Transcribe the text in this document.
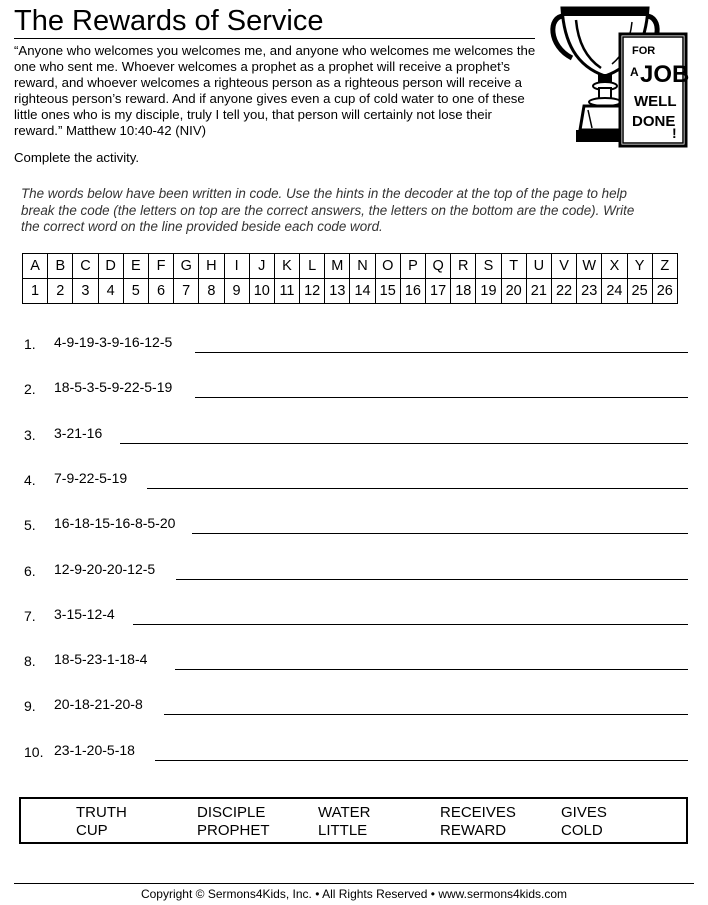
The Rewards of Service
“Anyone who welcomes you welcomes me, and anyone who welcomes me welcomes the one who sent me. Whoever welcomes a prophet as a prophet will receive a prophet’s reward, and whoever welcomes a righteous person as a righteous person will receive a righteous person’s reward. And if anyone gives even a cup of cold water to one of these little ones who is my disciple, truly I tell you, that person will certainly not lose their reward.” Matthew 10:40-42 (NIV)
Complete the activity.
FOR
A JOB
WELL
DONE
!
The words below have been written in code. Use the hints in the decoder at the top of the page to help break the code (the letters on top are the correct answers, the letters on the bottom are the code). Write the correct word on the line provided beside each code word.
A	B	C	D	E	F	G	H	I	J	K	L	M	N	O	P	Q	R	S	T	U	V	W	X	Y	Z
1	2	3	4	5	6	7	8	9	10	11	12	13	14	15	16	17	18	19	20	21	22	23	24	25	26
1. 4-9-19-3-9-16-12-5
2. 18-5-3-5-9-22-5-19
3. 3-21-16
4. 7-9-22-5-19
5. 16-18-15-16-8-5-20
6. 12-9-20-20-12-5
7. 3-15-12-4
8. 18-5-23-1-18-4
9. 20-18-21-20-8
10. 23-1-20-5-18
TRUTH	DISCIPLE	WATER	RECEIVES	GIVES
CUP	PROPHET	LITTLE	REWARD	COLD
Copyright © Sermons4Kids, Inc. • All Rights Reserved • www.sermons4kids.com
